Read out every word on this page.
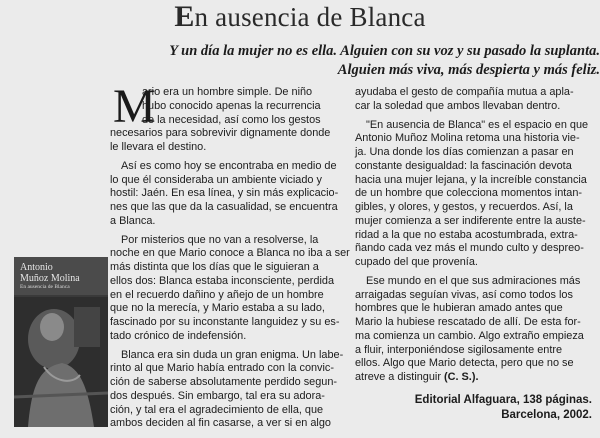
En ausencia de Blanca
Y un día la mujer no es ella. Alguien con su voz y su pasado la suplanta.
Alguien más viva, más despierta y más feliz.
M
ario era un hombre simple. De niño
hubo conocido apenas la recurrencia
de la necesidad, así como los gestos
necesarios para sobrevivir dignamente donde
le llevara el destino.
Así es como hoy se encontraba en medio de
lo que él consideraba un ambiente viciado y
hostil: Jaén. En esa línea, y sin más explicacio-
nes que las que da la casualidad, se encuentra
a Blanca.
Por misterios que no van a resolverse, la
noche en que Mario conoce a Blanca no iba a ser
más distinta que los días que le siguieran a
ellos dos: Blanca estaba inconsciente, perdida
en el recuerdo dañino y añejo de un hombre
que no la merecía, y Mario estaba a su lado,
fascinado por su inconstante languidez y su es-
tado crónico de indefensión.
Blanca era sin duda un gran enigma. Un labe-
rinto al que Mario había entrado con la convic-
ción de saberse absolutamente perdido segun-
dos después. Sin embargo, tal era su adora-
ción, y tal era el agradecimiento de ella, que
ambos deciden al fin casarse, a ver si en algo
ayudaba el gesto de compañía mutua a apla-
car la soledad que ambos llevaban dentro.
"En ausencia de Blanca" es el espacio en que
Antonio Muñoz Molina retoma una historia vie-
ja. Una donde los días comienzan a pasar en
constante desigualdad: la fascinación devota
hacia una mujer lejana, y la increíble constancia
de un hombre que colecciona momentos intan-
gibles, y olores, y gestos, y recuerdos. Así, la
mujer comienza a ser indiferente entre la auste-
ridad a la que no estaba acostumbrada, extra-
ñando cada vez más el mundo culto y despreo-
cupado del que provenía.
Ese mundo en el que sus admiraciones más
arraigadas seguían vivas, así como todos los
hombres que le hubieran amado antes que
Mario la hubiese rescatado de allí. De esta for-
ma comienza un cambio. Algo extraño empieza
a fluir, interponiéndose sigilosamente entre
ellos. Algo que Mario detecta, pero que no se
atreve a distinguir (C. S.).
Editorial Alfaguara, 138 páginas.
Barcelona, 2002.
Antonio
Muñoz Molina
En ausencia de Blanca
